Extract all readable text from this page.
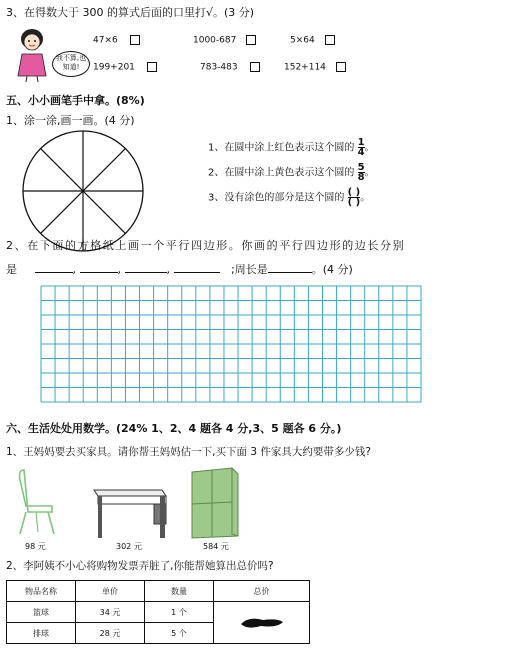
3、在得数大于 300 的算式后面的口里打√。(3 分)
我不算,也
知道!
47×6	1000-687	5×64
199+201	783-483	152+114
五、小小画笔手中拿。(8%)
1、涂一涂,画一画。(4 分)
1、在圆中涂上红色表示这个圆的 $\frac{1}{4}$ 。
2、在圆中涂上黄色表示这个圆的 $\frac{5}{8}$ 。
3、没有涂色的部分是这个圆的 $\frac{( )}{( )}$ 。
2、在下面的方格纸上画一个平行四边形。你画的平行四边形的边长分别
是	,	,	,	;周长是	。(4 分)
六、生活处处用数学。(24% 1、2、4 题各 4 分,3、5 题各 6 分。)
1、王妈妈要去买家具。请你帮王妈妈估一下,买下面 3 件家具大约要带多少钱?
98 元	302 元	584 元
2、李阿姨不小心将购物发票弄脏了,你能帮她算出总价吗?
物品名称	单价	数量	总价
篮球	34 元	1 个	
排球	28 元	5 个	
